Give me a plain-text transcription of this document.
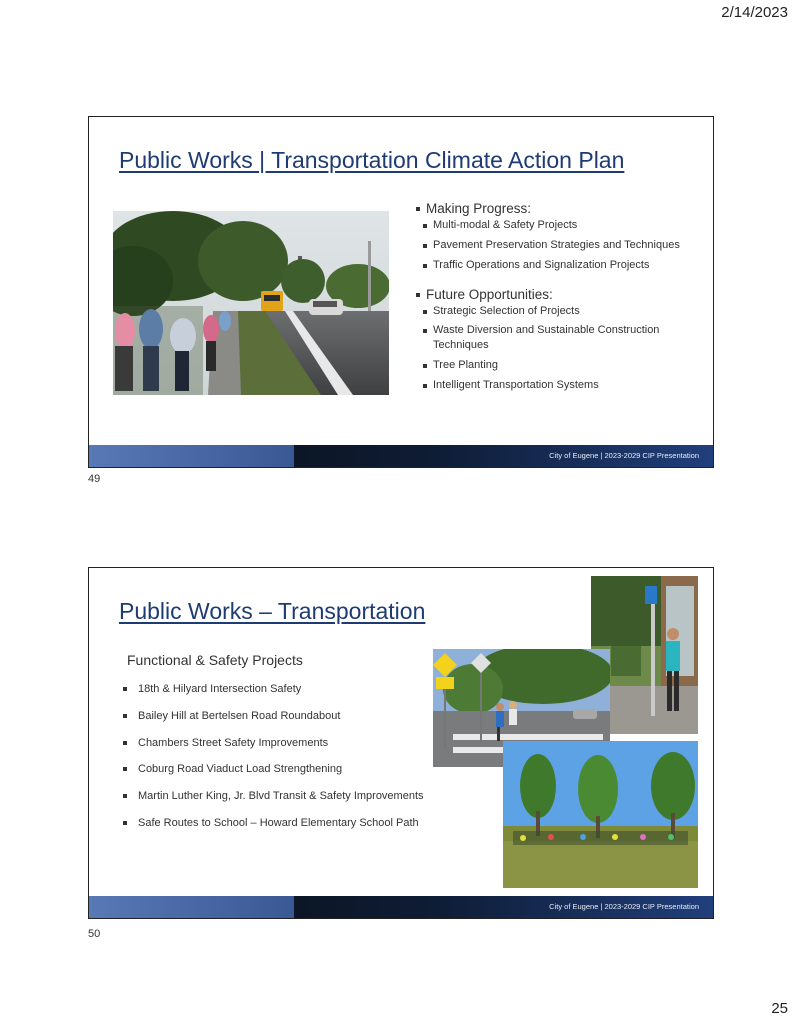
2/14/2023
Public Works | Transportation Climate Action Plan
Making Progress:
Multi-modal & Safety Projects
Pavement Preservation Strategies and Techniques
Traffic Operations and Signalization Projects
Future Opportunities:
Strategic Selection of Projects
Waste Diversion and Sustainable Construction Techniques
Tree Planting
Intelligent Transportation Systems
City of Eugene | 2023-2029 CIP Presentation
49
Public Works – Transportation
Functional & Safety Projects
18th & Hilyard Intersection Safety
Bailey Hill at Bertelsen Road Roundabout
Chambers Street Safety Improvements
Coburg Road Viaduct Load Strengthening
Martin Luther King, Jr. Blvd Transit & Safety Improvements
Safe Routes to School – Howard Elementary School Path
City of Eugene | 2023-2029 CIP Presentation
50
25
